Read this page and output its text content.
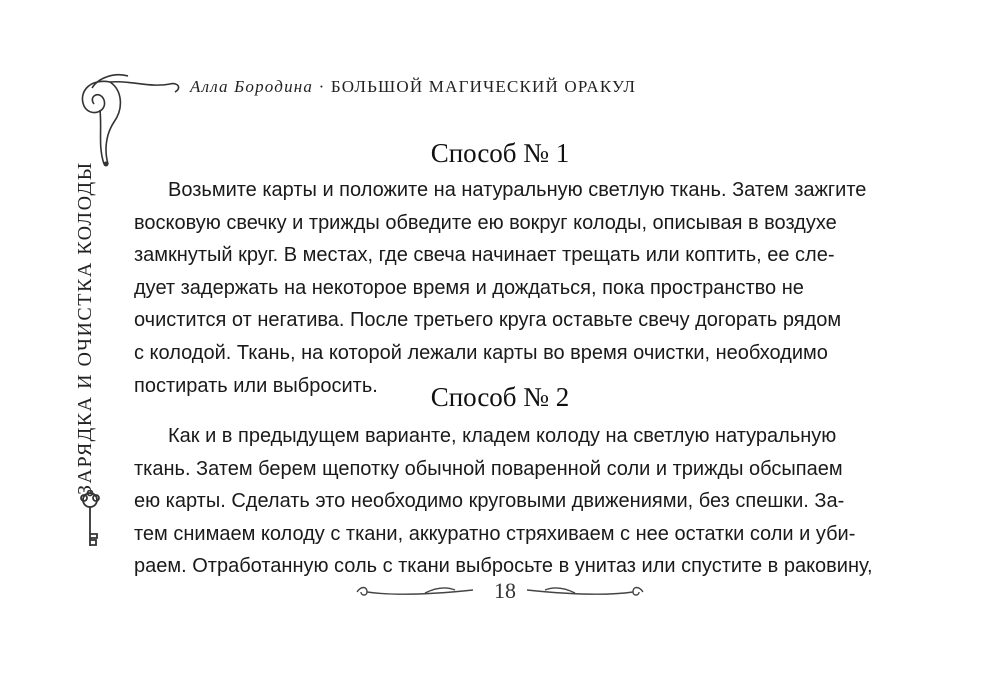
Алла Бородина · БОЛЬШОЙ МАГИЧЕСКИЙ ОРАКУЛ
ЗАРЯДКА И ОЧИСТКА КОЛОДЫ
Способ № 1
Возьмите карты и положите на натуральную светлую ткань. Затем зажгите
восковую свечку и трижды обведите ею вокруг колоды, описывая в воздухе
замкнутый круг. В местах, где свеча начинает трещать или коптить, ее сле-
дует задержать на некоторое время и дождаться, пока пространство не
очистится от негатива. После третьего круга оставьте свечу догорать рядом
с колодой. Ткань, на которой лежали карты во время очистки, необходимо
постирать или выбросить.	Способ № 2
Как и в предыдущем варианте, кладем колоду на светлую натуральную
ткань. Затем берем щепотку обычной поваренной соли и трижды обсыпаем
ею карты. Сделать это необходимо круговыми движениями, без спешки. За-
тем снимаем колоду с ткани, аккуратно стряхиваем с нее остатки соли и уби-
раем. Отработанную соль с ткани выбросьте в унитаз или спустите в раковину,
18
